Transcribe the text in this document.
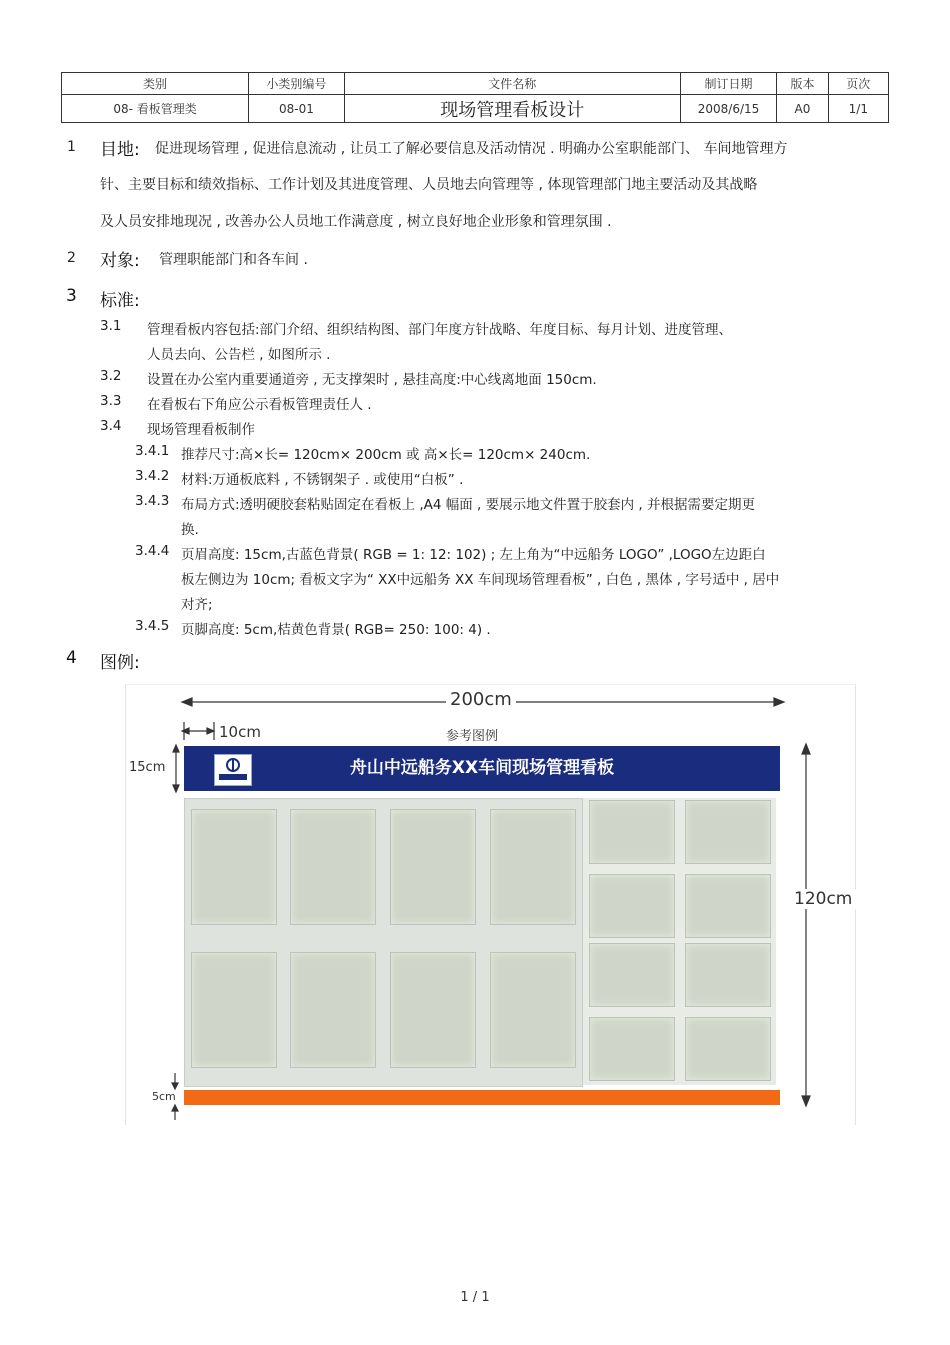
类别	小类别编号	文件名称	制订日期	版本	页次
08- 看板管理类	08-01	现场管理看板设计	2008/6/15	A0	1/1
1 目地: 促进现场管理 , 促进信息流动 , 让员工了解必要信息及活动情况 . 明确办公室职能部门、 车间地管理方
针、主要目标和绩效指标、工作计划及其进度管理、人员地去向管理等 , 体现管理部门地主要活动及其战略
及人员安排地现况 , 改善办公人员地工作满意度 , 树立良好地企业形象和管理氛围 .
2 对象: 管理职能部门和各车间 .
3 标准:
3.1 管理看板内容包括:部门介绍、组织结构图、部门年度方针战略、年度目标、每月计划、进度管理、
人员去向、公告栏 , 如图所示 .
3.2 设置在办公室内重要通道旁 , 无支撑架时 , 悬挂高度:中心线离地面 150cm.
3.3 在看板右下角应公示看板管理责任人 .
3.4 现场管理看板制作
3.4.1 推荐尺寸:高×长= 120cm× 200cm 或 高×长= 120cm× 240cm.
3.4.2 材料:万通板底料 , 不锈钢架子 . 或使用“白板” .
3.4.3 布局方式:透明硬胶套粘贴固定在看板上 ,A4 幅面 , 要展示地文件置于胶套内 , 并根据需要定期更
换.
3.4.4 页眉高度: 15cm,古蓝色背景( RGB = 1: 12: 102) ; 左上角为“中远船务 LOGO” ,LOGO左边距白
板左侧边为 10cm; 看板文字为“ XX中远船务 XX 车间现场管理看板” , 白色 , 黑体 , 字号适中 , 居中
对齐;
3.4.5 页脚高度: 5cm,桔黄色背景( RGB= 250: 100: 4) .
4 图例:
200cm
10cm	参考图例
15cm
120cm
5cm
舟山中远船务XX车间现场管理看板
1 / 1
